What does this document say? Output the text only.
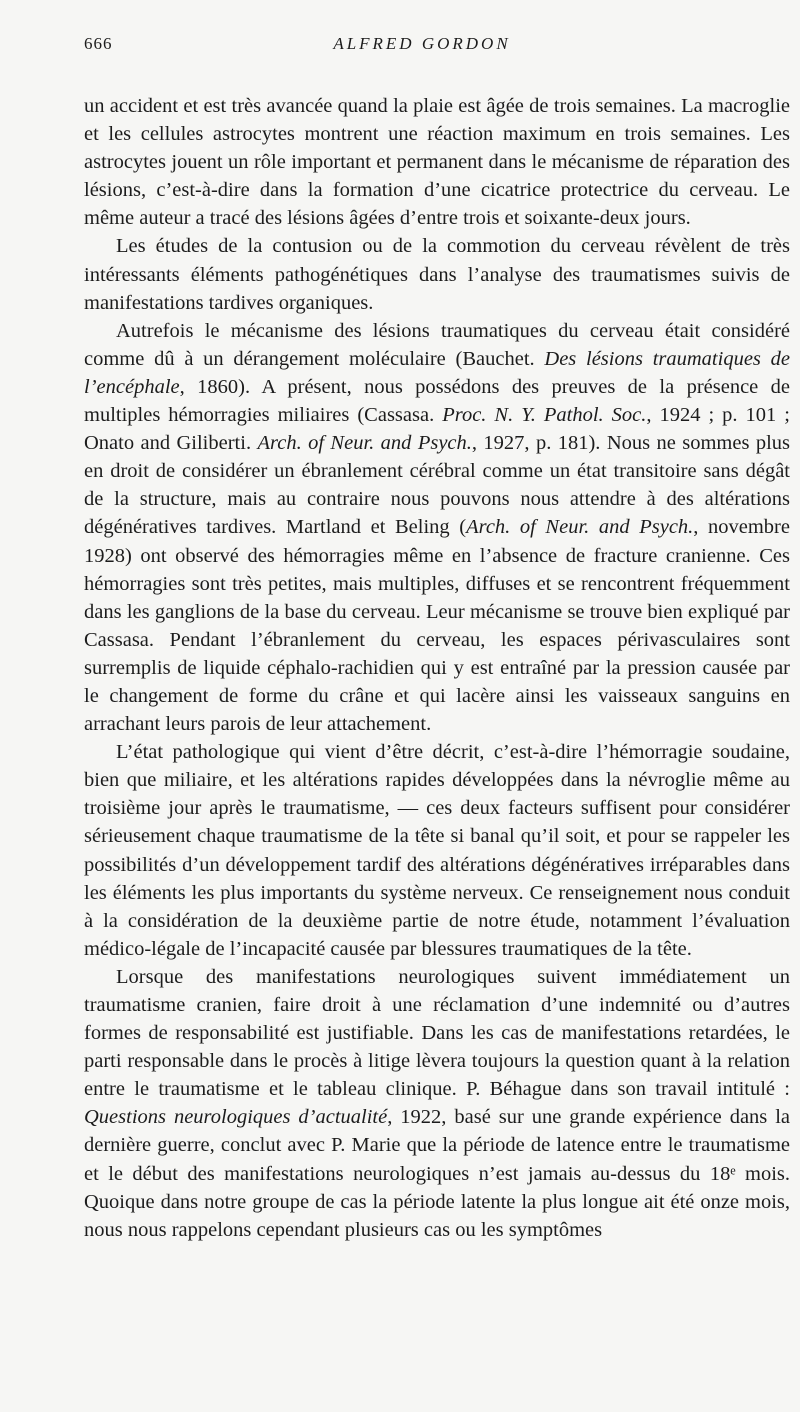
666	ALFRED GORDON

un accident et est très avancée quand la plaie est âgée de trois semaines. La macroglie et les cellules astrocytes montrent une réaction maximum en trois semaines. Les astrocytes jouent un rôle important et permanent dans le mécanisme de réparation des lésions, c’est-à-dire dans la formation d’une cicatrice protectrice du cerveau. Le même auteur a tracé des lésions âgées d’entre trois et soixante-deux jours.

Les études de la contusion ou de la commotion du cerveau révèlent de très intéressants éléments pathogénétiques dans l’analyse des traumatismes suivis de manifestations tardives organiques.

Autrefois le mécanisme des lésions traumatiques du cerveau était considéré comme dû à un dérangement moléculaire (Bauchet. Des lésions traumatiques de l’encéphale, 1860). A présent, nous possédons des preuves de la présence de multiples hémorragies miliaires (Cassasa. Proc. N. Y. Pathol. Soc., 1924 ; p. 101 ; Onato and Giliberti. Arch. of Neur. and Psych., 1927, p. 181). Nous ne sommes plus en droit de considérer un ébranlement cérébral comme un état transitoire sans dégât de la structure, mais au contraire nous pouvons nous attendre à des altérations dégénératives tardives. Martland et Beling (Arch. of Neur. and Psych., novembre 1928) ont observé des hémorragies même en l’absence de fracture cranienne. Ces hémorragies sont très petites, mais multiples, diffuses et se rencontrent fréquemment dans les ganglions de la base du cerveau. Leur mécanisme se trouve bien expliqué par Cassasa. Pendant l’ébranlement du cerveau, les espaces périvasculaires sont surremplis de liquide céphalo-rachidien qui y est entraîné par la pression causée par le changement de forme du crâne et qui lacère ainsi les vaisseaux sanguins en arrachant leurs parois de leur attachement.

L’état pathologique qui vient d’être décrit, c’est-à-dire l’hémorragie soudaine, bien que miliaire, et les altérations rapides développées dans la névroglie même au troisième jour après le traumatisme, — ces deux facteurs suffisent pour considérer sérieusement chaque traumatisme de la tête si banal qu’il soit, et pour se rappeler les possibilités d’un développement tardif des altérations dégénératives irréparables dans les éléments les plus importants du système nerveux. Ce renseignement nous conduit à la considération de la deuxième partie de notre étude, notamment l’évaluation médico-légale de l’incapacité causée par blessures traumatiques de la tête.

Lorsque des manifestations neurologiques suivent immédiatement un traumatisme cranien, faire droit à une réclamation d’une indemnité ou d’autres formes de responsabilité est justifiable. Dans les cas de manifestations retardées, le parti responsable dans le procès à litige lèvera toujours la question quant à la relation entre le traumatisme et le tableau clinique. P. Béhague dans son travail intitulé : Questions neurologiques d’actualité, 1922, basé sur une grande expérience dans la dernière guerre, conclut avec P. Marie que la période de latence entre le traumatisme et le début des manifestations neurologiques n’est jamais au-dessus du 18ᵉ mois. Quoique dans notre groupe de cas la période latente la plus longue ait été onze mois, nous nous rappelons cependant plusieurs cas ou les symptômes
